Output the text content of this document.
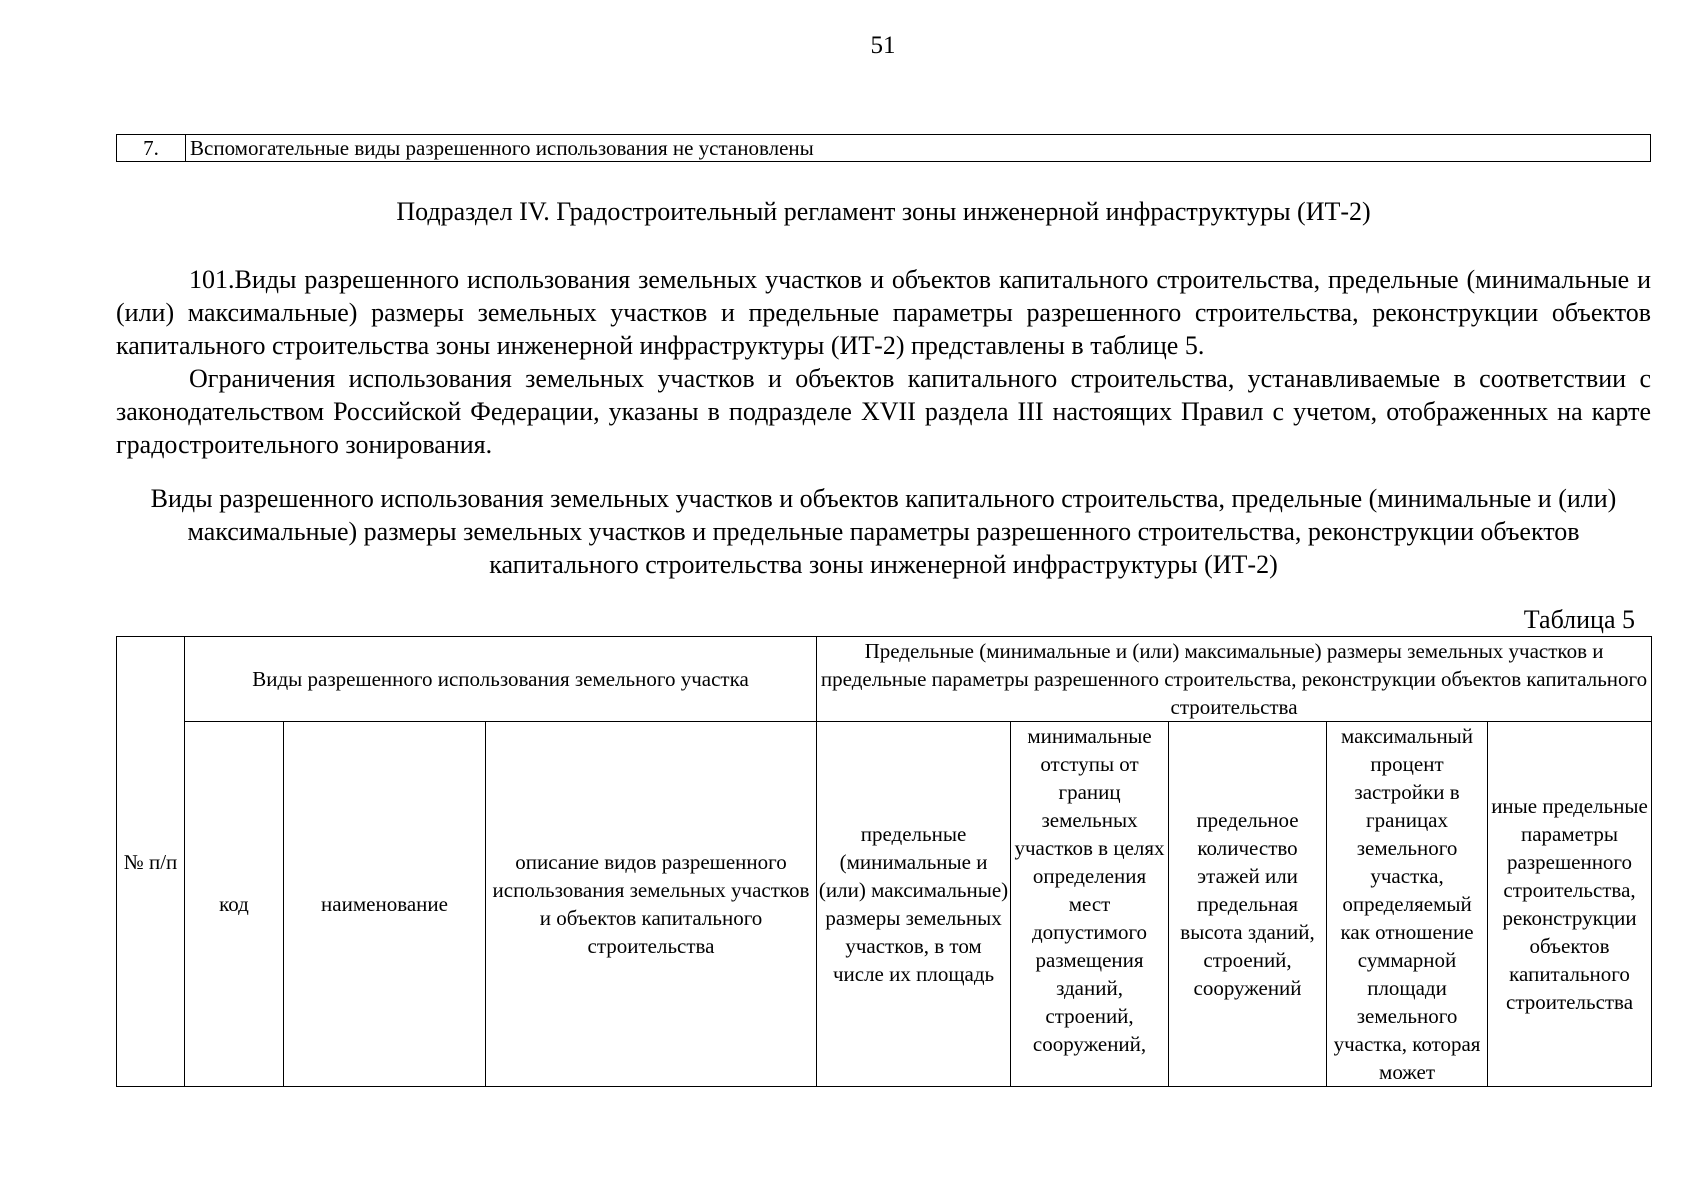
51
7.	Вспомогательные виды разрешенного использования не установлены
Подраздел IV. Градостроительный регламент зоны инженерной инфраструктуры (ИТ-2)

101.Виды разрешенного использования земельных участков и объектов капитального строительства, предельные (минимальные и (или) максимальные) размеры земельных участков и предельные параметры разрешенного строительства, реконструкции объектов капитального строительства зоны инженерной инфраструктуры (ИТ-2) представлены в таблице 5.

Ограничения использования земельных участков и объектов капитального строительства, устанавливаемые в соответствии с законодательством Российской Федерации, указаны в подразделе XVII раздела III настоящих Правил с учетом, отображенных на карте градостроительного зонирования.

Виды разрешенного использования земельных участков и объектов капитального строительства, предельные (минимальные и (или) максимальные) размеры земельных участков и предельные параметры разрешенного строительства, реконструкции объектов капитального строительства зоны инженерной инфраструктуры (ИТ-2)

Таблица 5
№ п/п	Виды разрешенного использования земельного участка			Предельные (минимальные и (или) максимальные) размеры земельных участков и предельные параметры разрешенного строительства, реконструкции объектов капитального строительства				
	код	наименование	описание видов разрешенного использования земельных участков и объектов капитального строительства	предельные (минимальные и (или) максимальные) размеры земельных участков, в том числе их площадь	минимальные отступы от границ земельных участков в целях определения мест допустимого размещения зданий, строений, сооружений,	предельное количество этажей или предельная высота зданий, строений, сооружений	максимальный процент застройки в границах земельного участка, определяемый как отношение суммарной площади земельного участка, которая может	иные предельные параметры разрешенного строительства, реконструкции объектов капитального строительства
